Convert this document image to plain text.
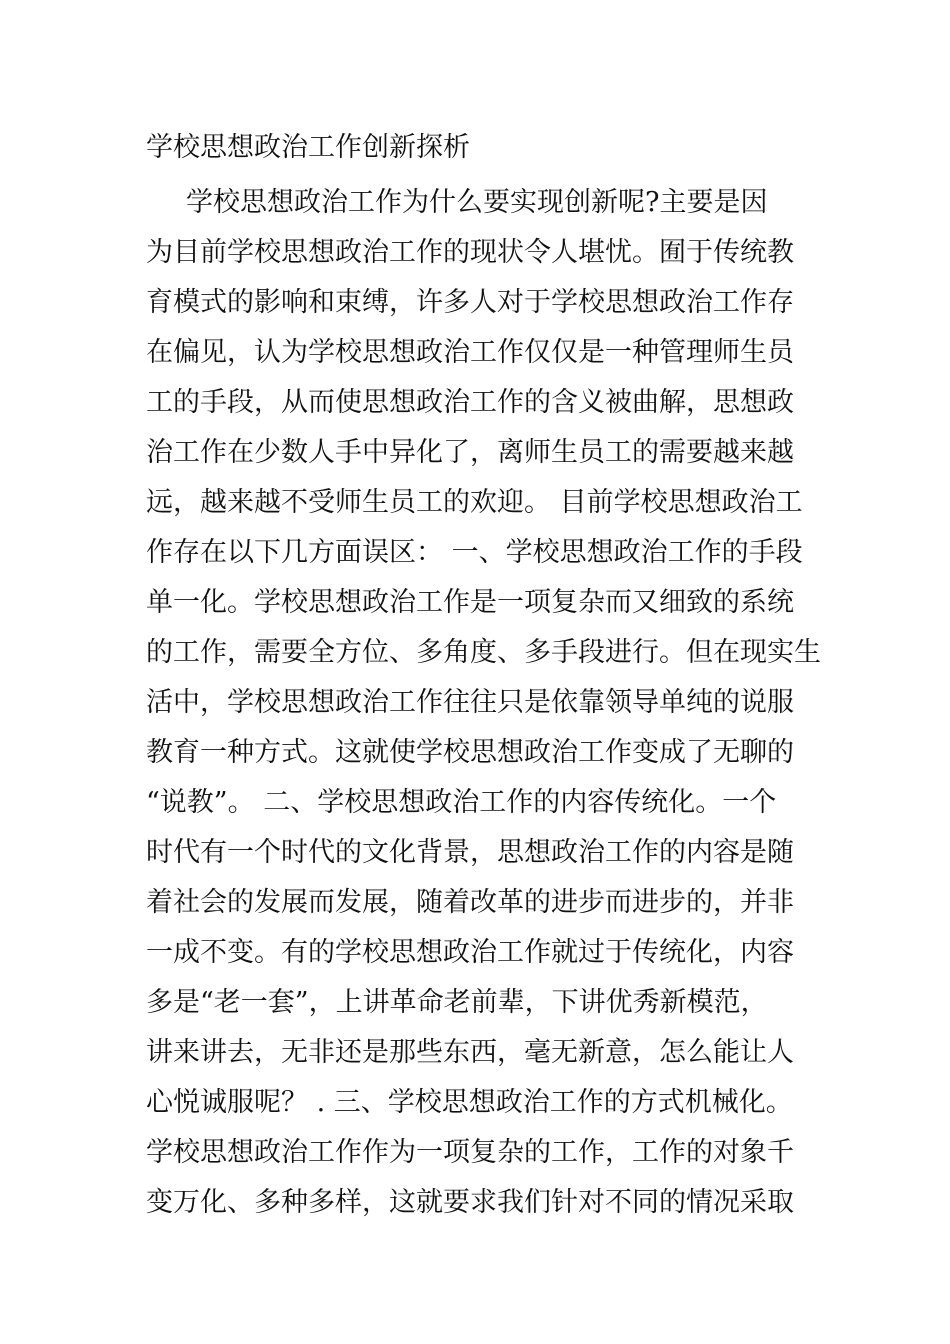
学校思想政治工作创新探析
学校思想政治工作为什么要实现创新呢?主要是因
为目前学校思想政治工作的现状令人堪忧。囿于传统教
育模式的影响和束缚，许多人对于学校思想政治工作存
在偏见，认为学校思想政治工作仅仅是一种管理师生员
工的手段，从而使思想政治工作的含义被曲解，思想政
治工作在少数人手中异化了，离师生员工的需要越来越
远，越来越不受师生员工的欢迎。 目前学校思想政治工
作存在以下几方面误区： 一、学校思想政治工作的手段
单一化。学校思想政治工作是一项复杂而又细致的系统
的工作，需要全方位、多角度、多手段进行。但在现实生
活中，学校思想政治工作往往只是依靠领导单纯的说服
教育一种方式。这就使学校思想政治工作变成了无聊的
“说教”。 二、学校思想政治工作的内容传统化。一个
时代有一个时代的文化背景，思想政治工作的内容是随
着社会的发展而发展，随着改革的进步而进步的，并非
一成不变。有的学校思想政治工作就过于传统化，内容
多是“老一套”，上讲革命老前辈，下讲优秀新模范，
讲来讲去，无非还是那些东西，毫无新意，怎么能让人
心悦诚服呢？ . 三、学校思想政治工作的方式机械化。
学校思想政治工作作为一项复杂的工作，工作的对象千
变万化、多种多样，这就要求我们针对不同的情况采取
